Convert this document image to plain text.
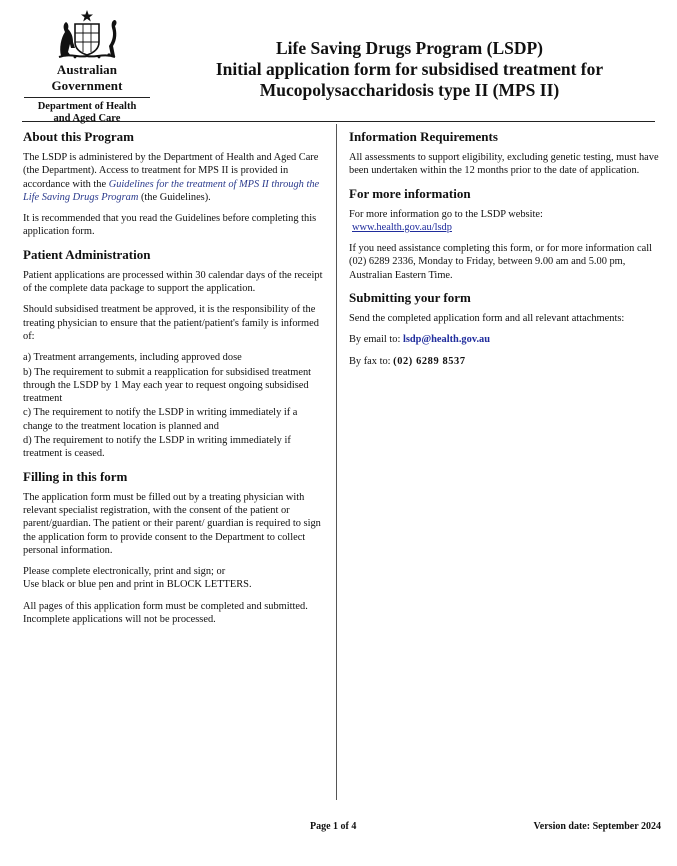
Australian Government
Department of Health
and Aged Care
Life Saving Drugs Program (LSDP)
Initial application form for subsidised treatment for
Mucopolysaccharidosis type II (MPS II)
About this Program

The LSDP is administered by the Department of Health and Aged Care (the Department). Access to treatment for MPS II is provided in accordance with the Guidelines for the treatment of MPS II through the Life Saving Drugs Program (the Guidelines).

It is recommended that you read the Guidelines before completing this application form.

Patient Administration

Patient applications are processed within 30 calendar days of the receipt of the complete data package to support the application.

Should subsidised treatment be approved, it is the responsibility of the treating physician to ensure that the patient/patient's family is informed of:

a) Treatment arrangements, including approved dose

b) The requirement to submit a reapplication for subsidised treatment through the LSDP by 1 May each year to request ongoing subsidised treatment

c) The requirement to notify the LSDP in writing immediately if a change to the treatment location is planned and

d) The requirement to notify the LSDP in writing immediately if treatment is ceased.

Filling in this form

The application form must be filled out by a treating physician with relevant specialist registration, with the consent of the patient or parent/guardian. The patient or their parent/ guardian is required to sign the application form to provide consent to the Department to collect personal information.

Please complete electronically, print and sign; or

Use black or blue pen and print in BLOCK LETTERS.

All pages of this application form must be completed and submitted. Incomplete applications will not be processed.

Information Requirements

All assessments to support eligibility, excluding genetic testing, must have been undertaken within the 12 months prior to the date of application.

For more information

For more information go to the LSDP website:

www.health.gov.au/lsdp

If you need assistance completing this form, or for more information call (02) 6289 2336, Monday to Friday, between 9.00 am and 5.00 pm, Australian Eastern Time.

Submitting your form

Send the completed application form and all relevant attachments:

By email to: lsdp@health.gov.au

By fax to: (02) 6289 8537

Page 1 of 4	Version date: September 2024
